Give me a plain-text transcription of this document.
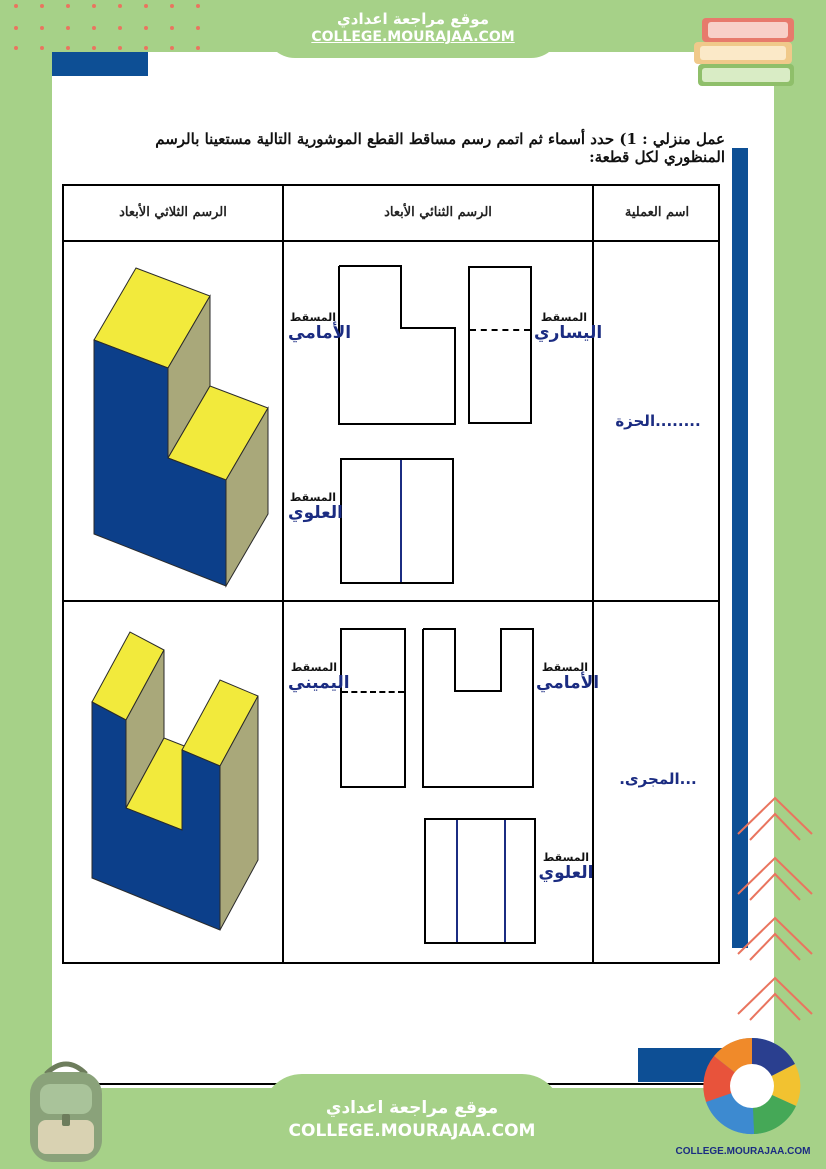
موقع مراجعة اعدادي
COLLEGE.MOURAJAA.COM
عمل منزلي : 1) حدد أسماء ثم اتمم رسم مساقط القطع الموشورية التالية مستعينا بالرسم المنظوري لكل قطعة:
الرسم الثلاثي الأبعاد	الرسم الثنائي الأبعاد	اسم العملية
المسقط
اليساري
المسقط
الأمامي
المسقط
العلوي
........الحزة
المسقط
الأمامي
المسقط
اليميني
المسقط
العلوي
...المجرى.
موقع مراجعة اعدادي
COLLEGE.MOURAJAA.COM
COLLEGE.MOURAJAA.COM
